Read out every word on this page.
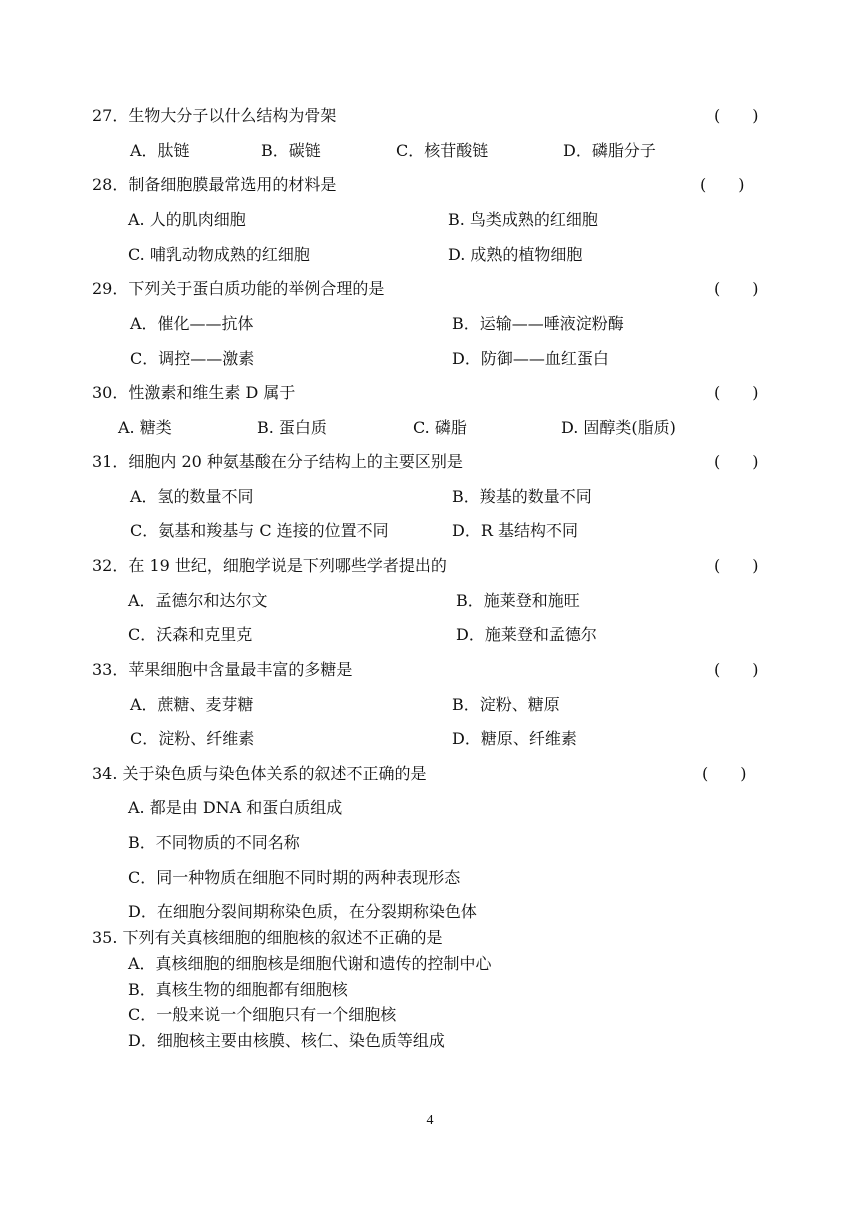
27．生物大分子以什么结构为骨架	(　　)
A．肽链	B．碳链	C．核苷酸链	D．磷脂分子
28．制备细胞膜最常选用的材料是	(　　)
A. 人的肌肉细胞	B. 鸟类成熟的红细胞
C. 哺乳动物成熟的红细胞	D. 成熟的植物细胞
29．下列关于蛋白质功能的举例合理的是	(　　)
A．催化——抗体	B．运输——唾液淀粉酶
C．调控——激素	D．防御——血红蛋白
30．性激素和维生素 D 属于	(　　)
A. 糖类	B. 蛋白质	C. 磷脂	D. 固醇类(脂质)
31．细胞内 20 种氨基酸在分子结构上的主要区别是	(　　)
A．氢的数量不同	B．羧基的数量不同
C．氨基和羧基与 C 连接的位置不同	D．R 基结构不同
32．在 19 世纪，细胞学说是下列哪些学者提出的	(　　)
A．孟德尔和达尔文	B．施莱登和施旺
C．沃森和克里克	D．施莱登和孟德尔
33．苹果细胞中含量最丰富的多糖是	(　　)
A．蔗糖、麦芽糖	B．淀粉、糖原
C．淀粉、纤维素	D．糖原、纤维素
34. 关于染色质与染色体关系的叙述不正确的是	(　　)
A. 都是由 DNA 和蛋白质组成
B．不同物质的不同名称
C．同一种物质在细胞不同时期的两种表现形态
D．在细胞分裂间期称染色质，在分裂期称染色体
35. 下列有关真核细胞的细胞核的叙述不正确的是
A．真核细胞的细胞核是细胞代谢和遗传的控制中心
B．真核生物的细胞都有细胞核
C．一般来说一个细胞只有一个细胞核
D．细胞核主要由核膜、核仁、染色质等组成
4
